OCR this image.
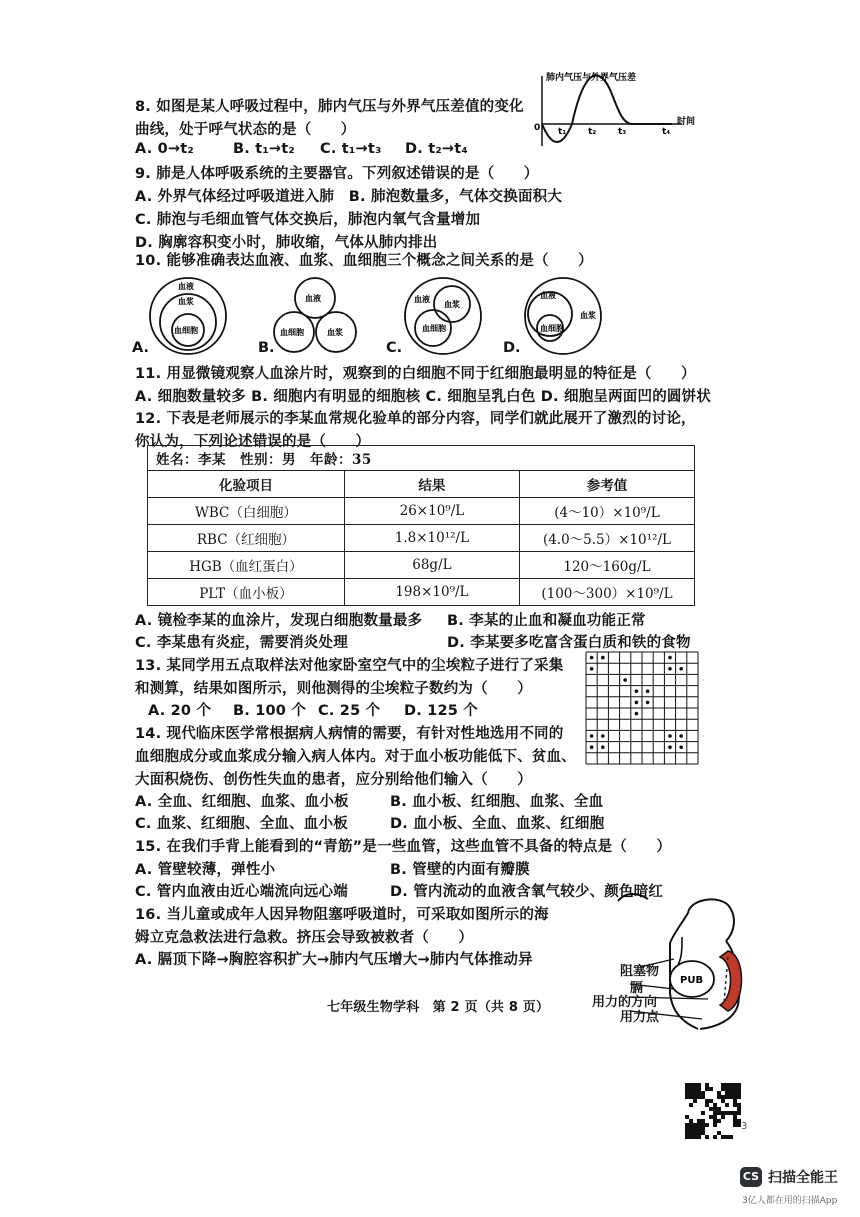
8. 如图是某人呼吸过程中，肺内气压与外界气压差值的变化
曲线，处于呼气状态的是（　　）
A. 0→t₂	B. t₁→t₂ C. t₁→t₃ D. t₂→t₄
肺内气压与外界气压差
时间
0 t₁ t₂ t₃	t₄
9. 肺是人体呼吸系统的主要器官。下列叙述错误的是（　　）
A. 外界气体经过呼吸道进入肺　B. 肺泡数量多，气体交换面积大
C. 肺泡与毛细血管气体交换后，肺泡内氧气含量增加
D. 胸廓容积变小时，肺收缩，气体从肺内排出
10. 能够准确表达血液、血浆、血细胞三个概念之间关系的是（　　）
血液
血浆
血细胞
A.
血液
血细胞	血浆
B.
血液
血浆
血细胞
C.
血液
血浆
血细胞
D.
11. 用显微镜观察人血涂片时，观察到的白细胞不同于红细胞最明显的特征是（　　）
A. 细胞数量较多 B. 细胞内有明显的细胞核 C. 细胞呈乳白色 D. 细胞呈两面凹的圆饼状
12. 下表是老师展示的李某血常规化验单的部分内容，同学们就此展开了激烈的讨论，
你认为，下列论述错误的是（　　）
姓名：李某　性别：男　年龄：35		
化验项目	结果	参考值
WBC（白细胞）	26×10⁹/L	(4～10）×10⁹/L
RBC（红细胞）	1.8×10¹²/L	(4.0～5.5）×10¹²/L
HGB（血红蛋白）	68g/L	120～160g/L
PLT（血小板）	198×10⁹/L	(100～300）×10⁹/L
A. 镜检李某的血涂片，发现白细胞数量最多 B. 李某的止血和凝血功能正常
C. 李某患有炎症，需要消炎处理	D. 李某要多吃富含蛋白质和铁的食物
13. 某同学用五点取样法对他家卧室空气中的尘埃粒子进行了采集
和测算，结果如图所示，则他测得的尘埃粒子数约为（　　）
A. 20 个 B. 100 个 C. 25 个 D. 125 个
14. 现代临床医学常根据病人病情的需要，有针对性地选用不同的
血细胞成分或血浆成分输入病人体内。对于血小板功能低下、贫血、
大面积烧伤、创伤性失血的患者，应分别给他们输入（　　）
A. 全血、红细胞、血浆、血小板	B. 血小板、红细胞、血浆、全血
C. 血浆、红细胞、全血、血小板	D. 血小板、全血、血浆、红细胞
15. 在我们手背上能看到的“青筋”是一些血管，这些血管不具备的特点是（　　）
A. 管壁较薄，弹性小	B. 管壁的内面有瓣膜
C. 管内血液由近心端流向远心端	D. 管内流动的血液含氧气较少、颜色暗红
16. 当儿童或成年人因异物阻塞呼吸道时，可采取如图所示的海
姆立克急救法进行急救。挤压会导致被救者（　　）
A. 膈顶下降→胸腔容积扩大→肺内气压增大→肺内气体推动异
PUB
阻塞物
膈
用力的方向
用力点
七年级生物学科　第 2 页（共 8 页）
3
CS 扫描全能王
3亿人都在用的扫描App
